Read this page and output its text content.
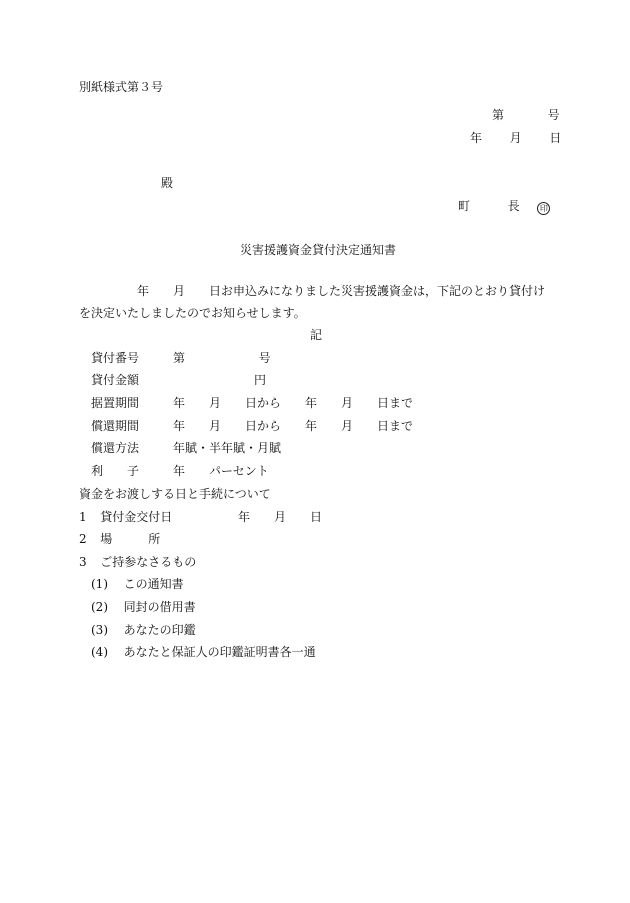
別紙様式第３号
第	号
年 月 日
殿
町	長	印
災害援護資金貸付決定通知書
年　　月　　日お申込みになりました災害援護資金は，下記のとおり貸付けを決定いたしましたのでお知らせします。
記
貸付番号	第	号
貸付金額	円
据置期間	年　　月　　日から　　年　　月　　日まで
償還期間	年　　月　　日から　　年　　月　　日まで
償還方法	年賦・半年賦・月賦
利　　子	年　　パーセント
資金をお渡しする日と手続について
1 貸付金交付日	年　　月　　日
2 場　　　所
3 ご持参なさるもの
(1) この通知書
(2) 同封の借用書
(3) あなたの印鑑
(4) あなたと保証人の印鑑証明書各一通
